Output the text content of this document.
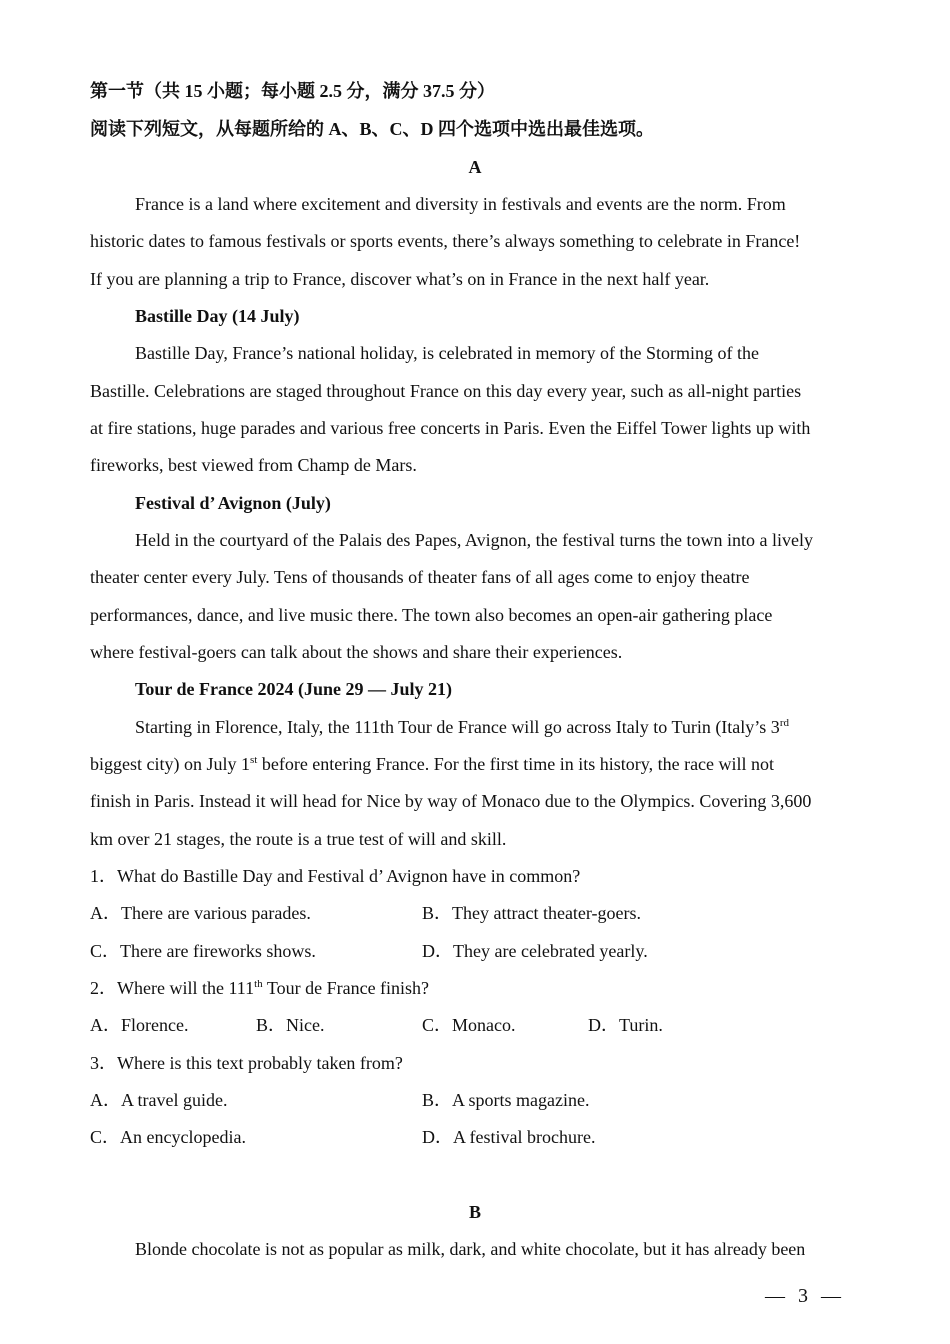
第一节（共 15 小题；每小题 2.5 分，满分 37.5 分）
阅读下列短文，从每题所给的 A、B、C、D 四个选项中选出最佳选项。
A
France is a land where excitement and diversity in festivals and events are the norm. From
historic dates to famous festivals or sports events, there’s always something to celebrate in France!
If you are planning a trip to France, discover what’s on in France in the next half year.
Bastille Day (14 July)
Bastille Day, France’s national holiday, is celebrated in memory of the Storming of the
Bastille. Celebrations are staged throughout France on this day every year, such as all-night parties
at fire stations, huge parades and various free concerts in Paris. Even the Eiffel Tower lights up with
fireworks, best viewed from Champ de Mars.
Festival d’ Avignon (July)
Held in the courtyard of the Palais des Papes, Avignon, the festival turns the town into a lively
theater center every July. Tens of thousands of theater fans of all ages come to enjoy theatre
performances, dance, and live music there. The town also becomes an open-air gathering place
where festival-goers can talk about the shows and share their experiences.
Tour de France 2024 (June 29 — July 21)
Starting in Florence, Italy, the 111th Tour de France will go across Italy to Turin (Italy’s 3rd
biggest city) on July 1st before entering France. For the first time in its history, the race will not
finish in Paris. Instead it will head for Nice by way of Monaco due to the Olympics. Covering 3,600
km over 21 stages, the route is a true test of will and skill.
1．What do Bastille Day and Festival d’ Avignon have in common?
A．There are various parades.	B．They attract theater-goers.
C．There are fireworks shows.	D．They are celebrated yearly.
2．Where will the 111th Tour de France finish?
A．Florence.	B．Nice.	C．Monaco.	D．Turin.
3．Where is this text probably taken from?
A．A travel guide.	B．A sports magazine.
C．An encyclopedia.	D．A festival brochure.
B
Blonde chocolate is not as popular as milk, dark, and white chocolate, but it has already been
— 3 —
